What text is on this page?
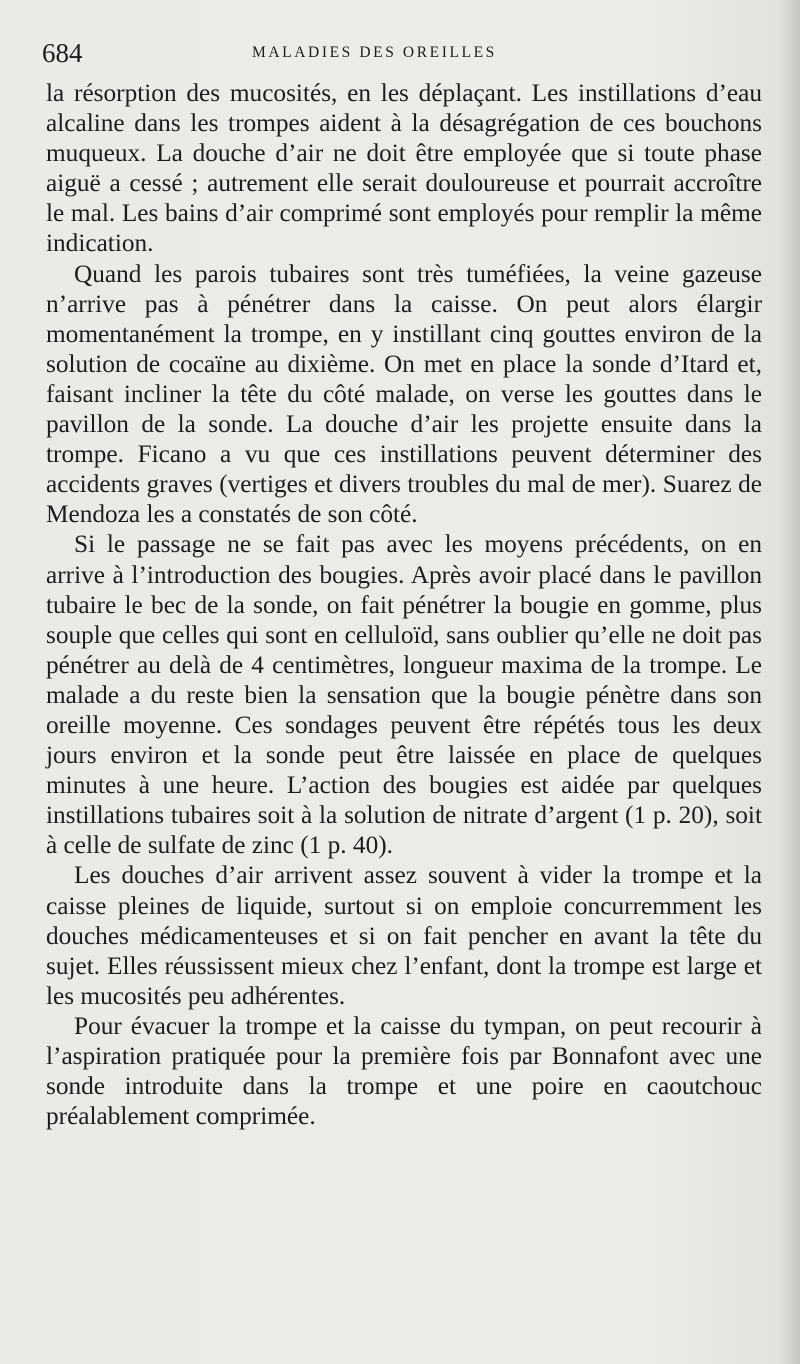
684	MALADIES DES OREILLES

la résorption des mucosités, en les déplaçant. Les instillations d’eau alcaline dans les trompes aident à la désagrégation de ces bouchons muqueux. La douche d’air ne doit être employée que si toute phase aiguë a cessé ; autrement elle serait douloureuse et pourrait accroître le mal. Les bains d’air comprimé sont employés pour remplir la même indication.

Quand les parois tubaires sont très tuméfiées, la veine gazeuse n’arrive pas à pénétrer dans la caisse. On peut alors élargir momentanément la trompe, en y instillant cinq gouttes environ de la solution de cocaïne au dixième. On met en place la sonde d’Itard et, faisant incliner la tête du côté malade, on verse les gouttes dans le pavillon de la sonde. La douche d’air les projette ensuite dans la trompe. Ficano a vu que ces instillations peuvent déterminer des accidents graves (vertiges et divers troubles du mal de mer). Suarez de Mendoza les a constatés de son côté.

Si le passage ne se fait pas avec les moyens précédents, on en arrive à l’introduction des bougies. Après avoir placé dans le pavillon tubaire le bec de la sonde, on fait pénétrer la bougie en gomme, plus souple que celles qui sont en celluloïd, sans oublier qu’elle ne doit pas pénétrer au delà de 4 centimètres, longueur maxima de la trompe. Le malade a du reste bien la sensation que la bougie pénètre dans son oreille moyenne. Ces sondages peuvent être répétés tous les deux jours environ et la sonde peut être laissée en place de quelques minutes à une heure. L’action des bougies est aidée par quelques instillations tubaires soit à la solution de nitrate d’argent (1 p. 20), soit à celle de sulfate de zinc (1 p. 40).

Les douches d’air arrivent assez souvent à vider la trompe et la caisse pleines de liquide, surtout si on emploie concurremment les douches médicamenteuses et si on fait pencher en avant la tête du sujet. Elles réussissent mieux chez l’enfant, dont la trompe est large et les mucosités peu adhérentes.

Pour évacuer la trompe et la caisse du tympan, on peut recourir à l’aspiration pratiquée pour la première fois par Bonnafont avec une sonde introduite dans la trompe et une poire en caoutchouc préalablement comprimée.
